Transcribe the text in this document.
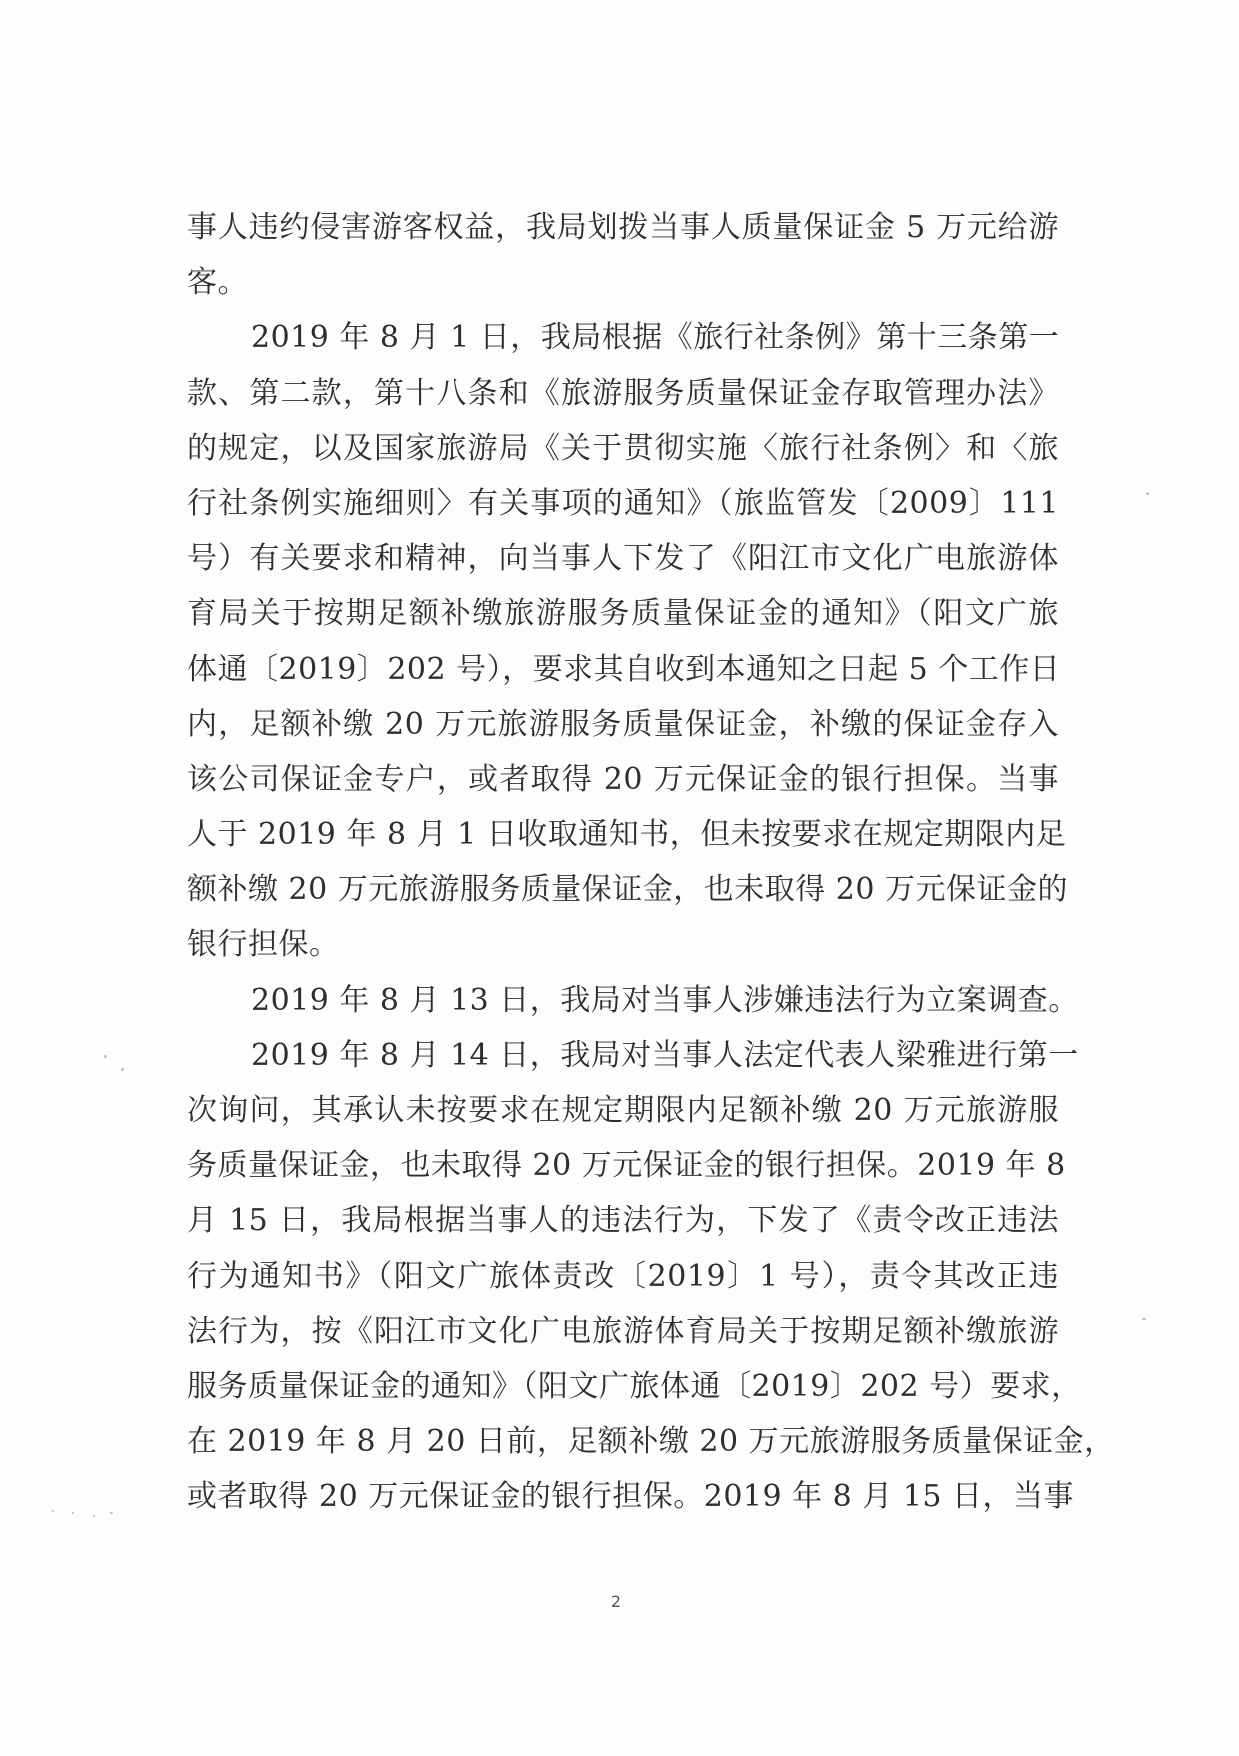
事人违约侵害游客权益，我局划拨当事人质量保证金 5 万元给游
客。
2019 年 8 月 1 日，我局根据《旅行社条例》第十三条第一
款、第二款，第十八条和《旅游服务质量保证金存取管理办法》
的规定，以及国家旅游局《关于贯彻实施〈旅行社条例〉和〈旅
行社条例实施细则〉有关事项的通知》（旅监管发〔2009〕111
号）有关要求和精神，向当事人下发了《阳江市文化广电旅游体
育局关于按期足额补缴旅游服务质量保证金的通知》（阳文广旅
体通〔2019〕202 号），要求其自收到本通知之日起 5 个工作日
内，足额补缴 20 万元旅游服务质量保证金，补缴的保证金存入
该公司保证金专户，或者取得 20 万元保证金的银行担保。当事
人于 2019 年 8 月 1 日收取通知书，但未按要求在规定期限内足
额补缴 20 万元旅游服务质量保证金，也未取得 20 万元保证金的
银行担保。
2019 年 8 月 13 日，我局对当事人涉嫌违法行为立案调查。
2019 年 8 月 14 日，我局对当事人法定代表人梁雅进行第一
次询问，其承认未按要求在规定期限内足额补缴 20 万元旅游服
务质量保证金，也未取得 20 万元保证金的银行担保。2019 年 8
月 15 日，我局根据当事人的违法行为，下发了《责令改正违法
行为通知书》（阳文广旅体责改〔2019〕1 号），责令其改正违
法行为，按《阳江市文化广电旅游体育局关于按期足额补缴旅游
服务质量保证金的通知》（阳文广旅体通〔2019〕202 号）要求，
在 2019 年 8 月 20 日前，足额补缴 20 万元旅游服务质量保证金，
或者取得 20 万元保证金的银行担保。2019 年 8 月 15 日，当事
2
